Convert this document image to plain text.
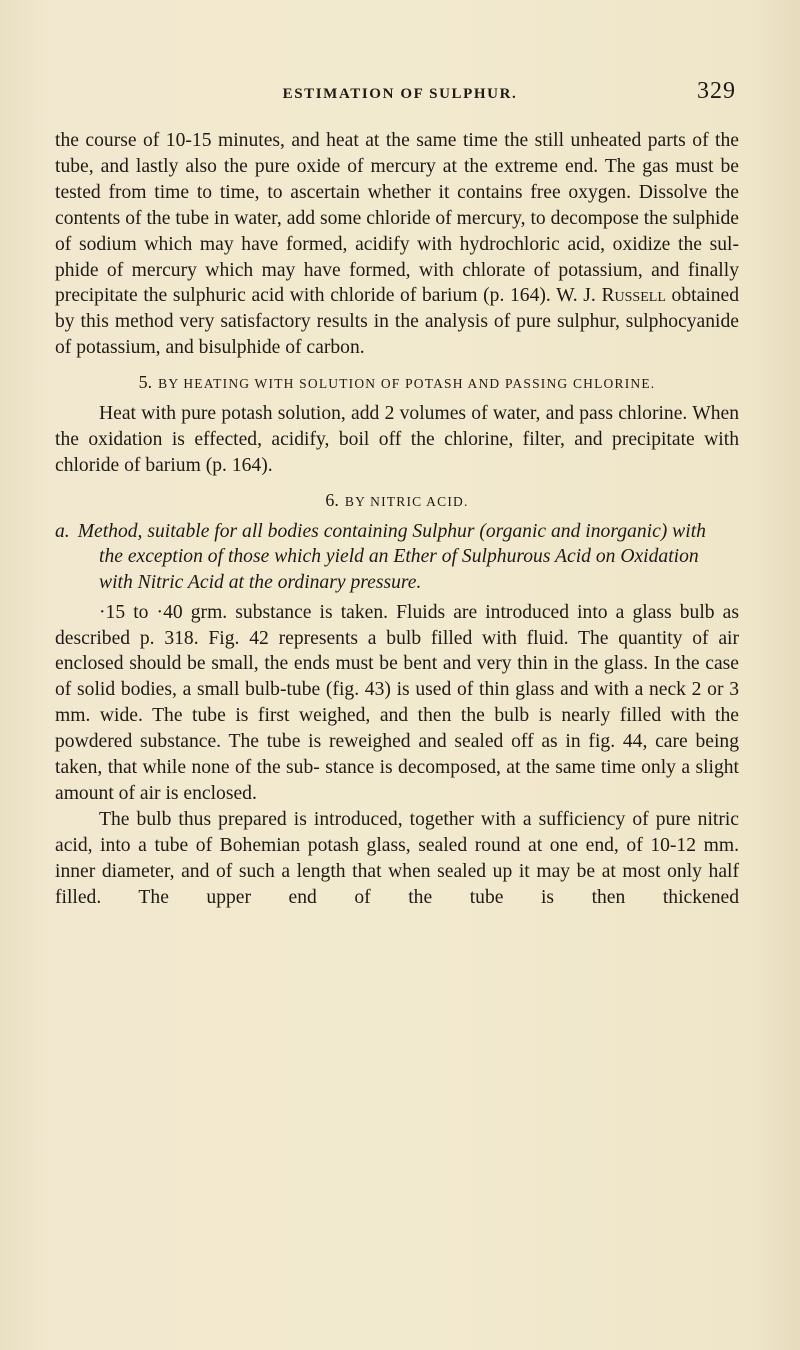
ESTIMATION OF SULPHUR.	329

the course of 10-15 minutes, and heat at the same time the still unheated parts of the tube, and lastly also the pure oxide of mercury at the extreme end. The gas must be tested from time to time, to ascertain whether it contains free oxygen. Dissolve the contents of the tube in water, add some chloride of mercury, to decompose the sulphide of sodium which may have formed, acidify with hydrochloric acid, oxidize the sul- phide of mercury which may have formed, with chlorate of potassium, and finally precipitate the sulphuric acid with chloride of barium (p. 164). W. J. Russell obtained by this method very satisfactory results in the analysis of pure sulphur, sulphocyanide of potassium, and bisulphide of carbon.

5. BY HEATING WITH SOLUTION OF POTASH AND PASSING CHLORINE.

Heat with pure potash solution, add 2 volumes of water, and pass chlorine. When the oxidation is effected, acidify, boil off the chlorine, filter, and precipitate with chloride of barium (p. 164).

6. BY NITRIC ACID.

a. Method, suitable for all bodies containing Sulphur (organic and inorganic) with the exception of those which yield an Ether of Sulphurous Acid on Oxidation with Nitric Acid at the ordinary pressure.

·15 to ·40 grm. substance is taken. Fluids are introduced into a glass bulb as described p. 318. Fig. 42 represents a bulb filled with fluid. The quantity of air enclosed should be small, the ends must be bent and very thin in the glass. In the case of solid bodies, a small bulb-tube (fig. 43) is used of thin glass and with a neck 2 or 3 mm. wide. The tube is first weighed, and then the bulb is nearly filled with the powdered substance. The tube is reweighed and sealed off as in fig. 44, care being taken, that while none of the sub- stance is decomposed, at the same time only a slight amount of air is enclosed.

The bulb thus prepared is introduced, together with a sufficiency of pure nitric acid, into a tube of Bohemian potash glass, sealed round at one end, of 10-12 mm. inner diameter, and of such a length that when sealed up it may be at most only half filled. The upper end of the tube is then thickened
